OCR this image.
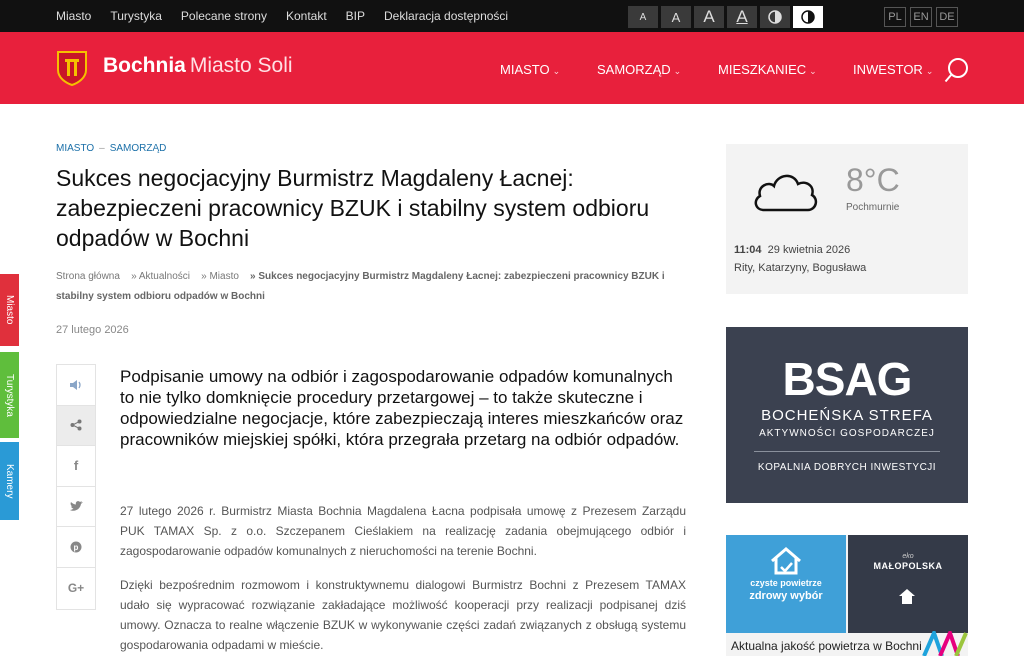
Miasto Turystyka Polecane strony Kontakt BIP Deklaracja dostępności	A	A	A	A	PL	EN DE
Bochnia Miasto Soli	MIASTO ⌄	SAMORZĄD ⌄	MIESZKANIEC ⌄	INWESTOR ⌄
Miasto
Turystyka
Kamery
MIASTO – SAMORZĄD
Sukces negocjacyjny Burmistrz Magdaleny Łacnej: zabezpieczeni pracownicy BZUK i stabilny system odbioru odpadów w Bochni
Strona główna » Aktualności » Miasto » Sukces negocjacyjny Burmistrz Magdaleny Łacnej: zabezpieczeni pracownicy BZUK i stabilny system odbioru odpadów w Bochni
27 lutego 2026
f
p
G+

Podpisanie umowy na odbiór i zagospodarowanie odpadów komunalnych to nie tylko domknięcie procedury przetargowej – to także skuteczne i odpowiedzialne negocjacje, które zabezpieczają interes mieszkańców oraz pracowników miejskiej spółki, która przegrała przetarg na odbiór odpadów.

27 lutego 2026 r. Burmistrz Miasta Bochnia Magdalena Łacna podpisała umowę z Prezesem Zarządu PUK TAMAX Sp. z o.o. Szczepanem Cieślakiem na realizację zadania obejmującego odbiór i zagospodarowanie odpadów komunalnych z nieruchomości na terenie Bochni.

Dzięki bezpośrednim rozmowom i konstruktywnemu dialogowi Burmistrz Bochni z Prezesem TAMAX udało się wypracować rozwiązanie zakładające możliwość kooperacji przy realizacji podpisanej dziś umowy. Oznacza to realne włączenie BZUK w wykonywanie części zadań związanych z obsługą systemu gospodarowania odpadami w mieście.

8°C
Pochmurnie
11:04 29 kwietnia 2026
Rity, Katarzyny, Bogusława
BSAG
BOCHEŃSKA STREFA
AKTYWNOŚCI GOSPODARCZEJ
KOPALNIA DOBRYCH INWESTYCJI
czyste powietrze
zdrowy wybór
eko
MAŁOPOLSKA
Aktualna jakość powietrza w Bochni
